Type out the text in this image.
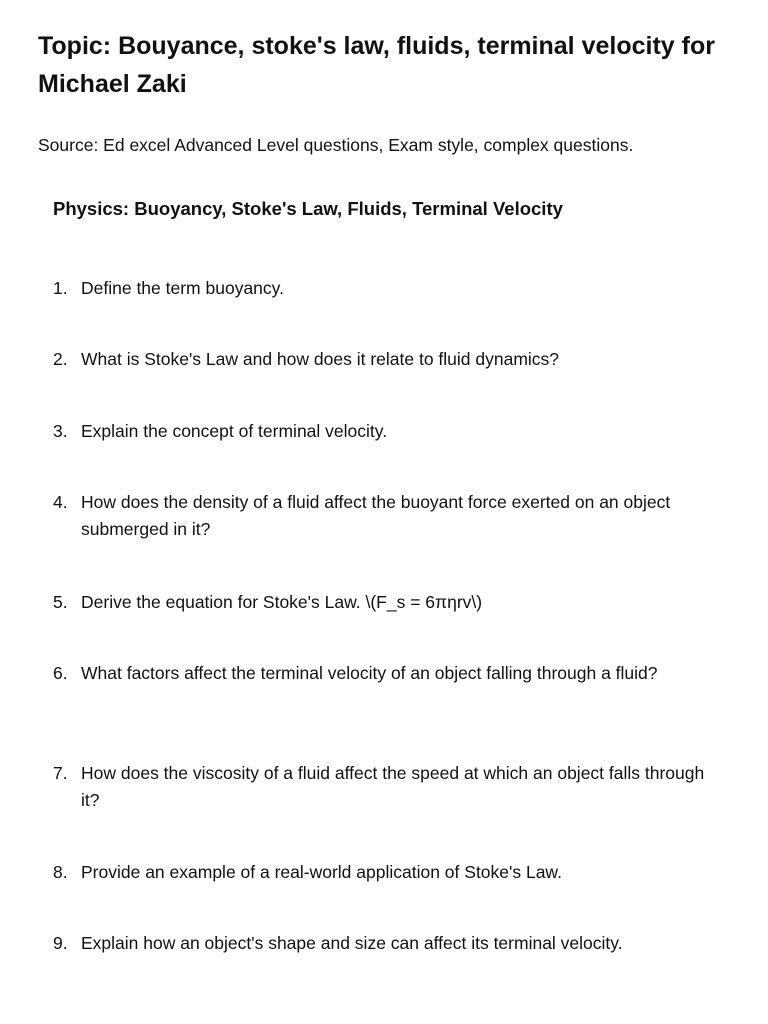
Topic: Bouyance, stoke's law, fluids, terminal velocity for Michael Zaki

Source: Ed excel Advanced Level questions, Exam style, complex questions.

Physics: Buoyancy, Stoke's Law, Fluids, Terminal Velocity
1. Define the term buoyancy.
2. What is Stoke's Law and how does it relate to fluid dynamics?
3. Explain the concept of terminal velocity.
4. How does the density of a fluid affect the buoyant force exerted on an object submerged in it?
5. Derive the equation for Stoke's Law. \(F_s = 6πηrv\)
6. What factors affect the terminal velocity of an object falling through a fluid?
7. How does the viscosity of a fluid affect the speed at which an object falls through it?
8. Provide an example of a real-world application of Stoke's Law.
9. Explain how an object's shape and size can affect its terminal velocity.
